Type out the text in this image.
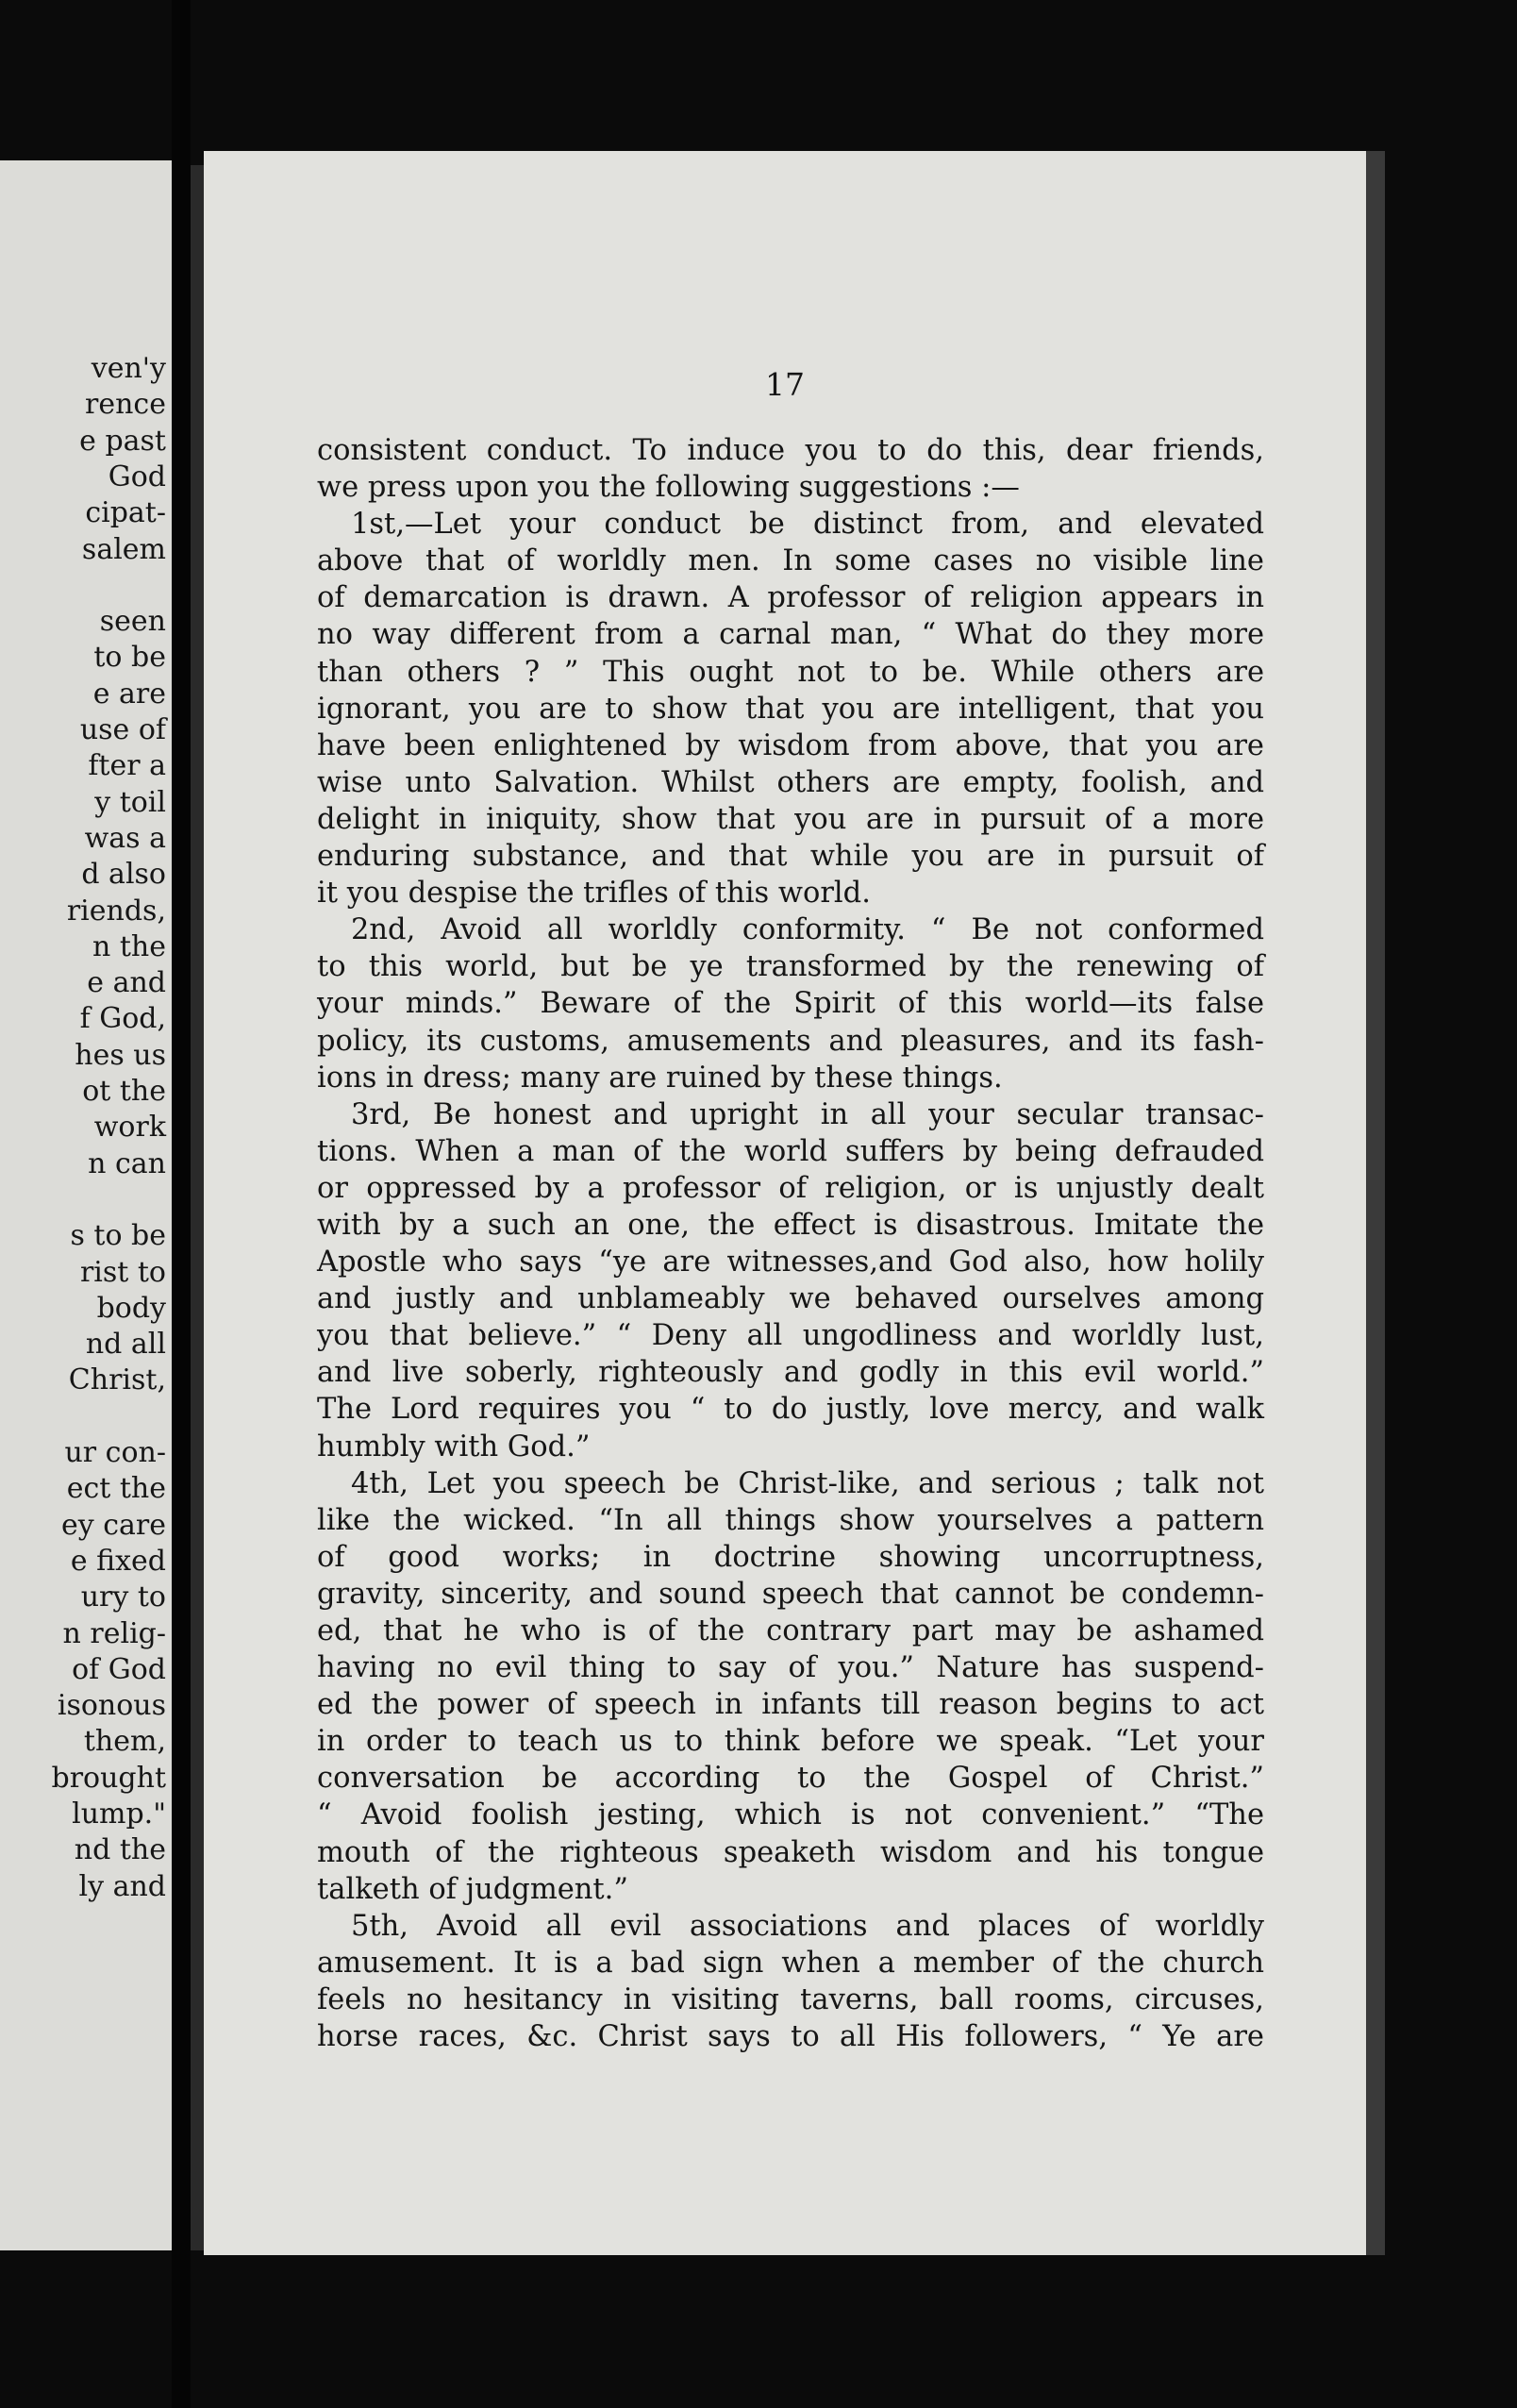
ven'y
rence
e past
God
cipat-
salem
seen
to be
e are
use of
fter a
y toil
was a
d also
riends,
n the
e and
f God,
hes us
ot the
work
n can
s to be
rist to
body
nd all
Christ,
ur con-
ect the
ey care
e fixed
ury to
n relig-
of God
isonous
them,
brought
lump."
nd the
ly and
17
consistent conduct. To induce you to do this, dear friends,
we press upon you the following suggestions :—
1st,—Let your conduct be distinct from, and elevated
above that of worldly men. In some cases no visible line
of demarcation is drawn. A professor of religion appears in
no way different from a carnal man, “ What do they more
than others ? ” This ought not to be. While others are
ignorant, you are to show that you are intelligent, that you
have been enlightened by wisdom from above, that you are
wise unto Salvation. Whilst others are empty, foolish, and
delight in iniquity, show that you are in pursuit of a more
enduring substance, and that while you are in pursuit of
it you despise the trifles of this world.
2nd, Avoid all worldly conformity. “ Be not conformed
to this world, but be ye transformed by the renewing of
your minds.” Beware of the Spirit of this world—its false
policy, its customs, amusements and pleasures, and its fash-
ions in dress; many are ruined by these things.
3rd, Be honest and upright in all your secular transac-
tions. When a man of the world suffers by being defrauded
or oppressed by a professor of religion, or is unjustly dealt
with by a such an one, the effect is disastrous. Imitate the
Apostle who says “ye are witnesses,and God also, how holily
and justly and unblameably we behaved ourselves among
you that believe.” “ Deny all ungodliness and worldly lust,
and live soberly, righteously and godly in this evil world.”
The Lord requires you “ to do justly, love mercy, and walk
humbly with God.”
4th, Let you speech be Christ-like, and serious ; talk not
like the wicked. “In all things show yourselves a pattern
of good works; in doctrine showing uncorruptness,
gravity, sincerity, and sound speech that cannot be condemn-
ed, that he who is of the contrary part may be ashamed
having no evil thing to say of you.” Nature has suspend-
ed the power of speech in infants till reason begins to act
in order to teach us to think before we speak. “Let your
conversation be according to the Gospel of Christ.”
“ Avoid foolish jesting, which is not convenient.” “The
mouth of the righteous speaketh wisdom and his tongue
talketh of judgment.”
5th, Avoid all evil associations and places of worldly
amusement. It is a bad sign when a member of the church
feels no hesitancy in visiting taverns, ball rooms, circuses,
horse races, &c. Christ says to all His followers, “ Ye are
